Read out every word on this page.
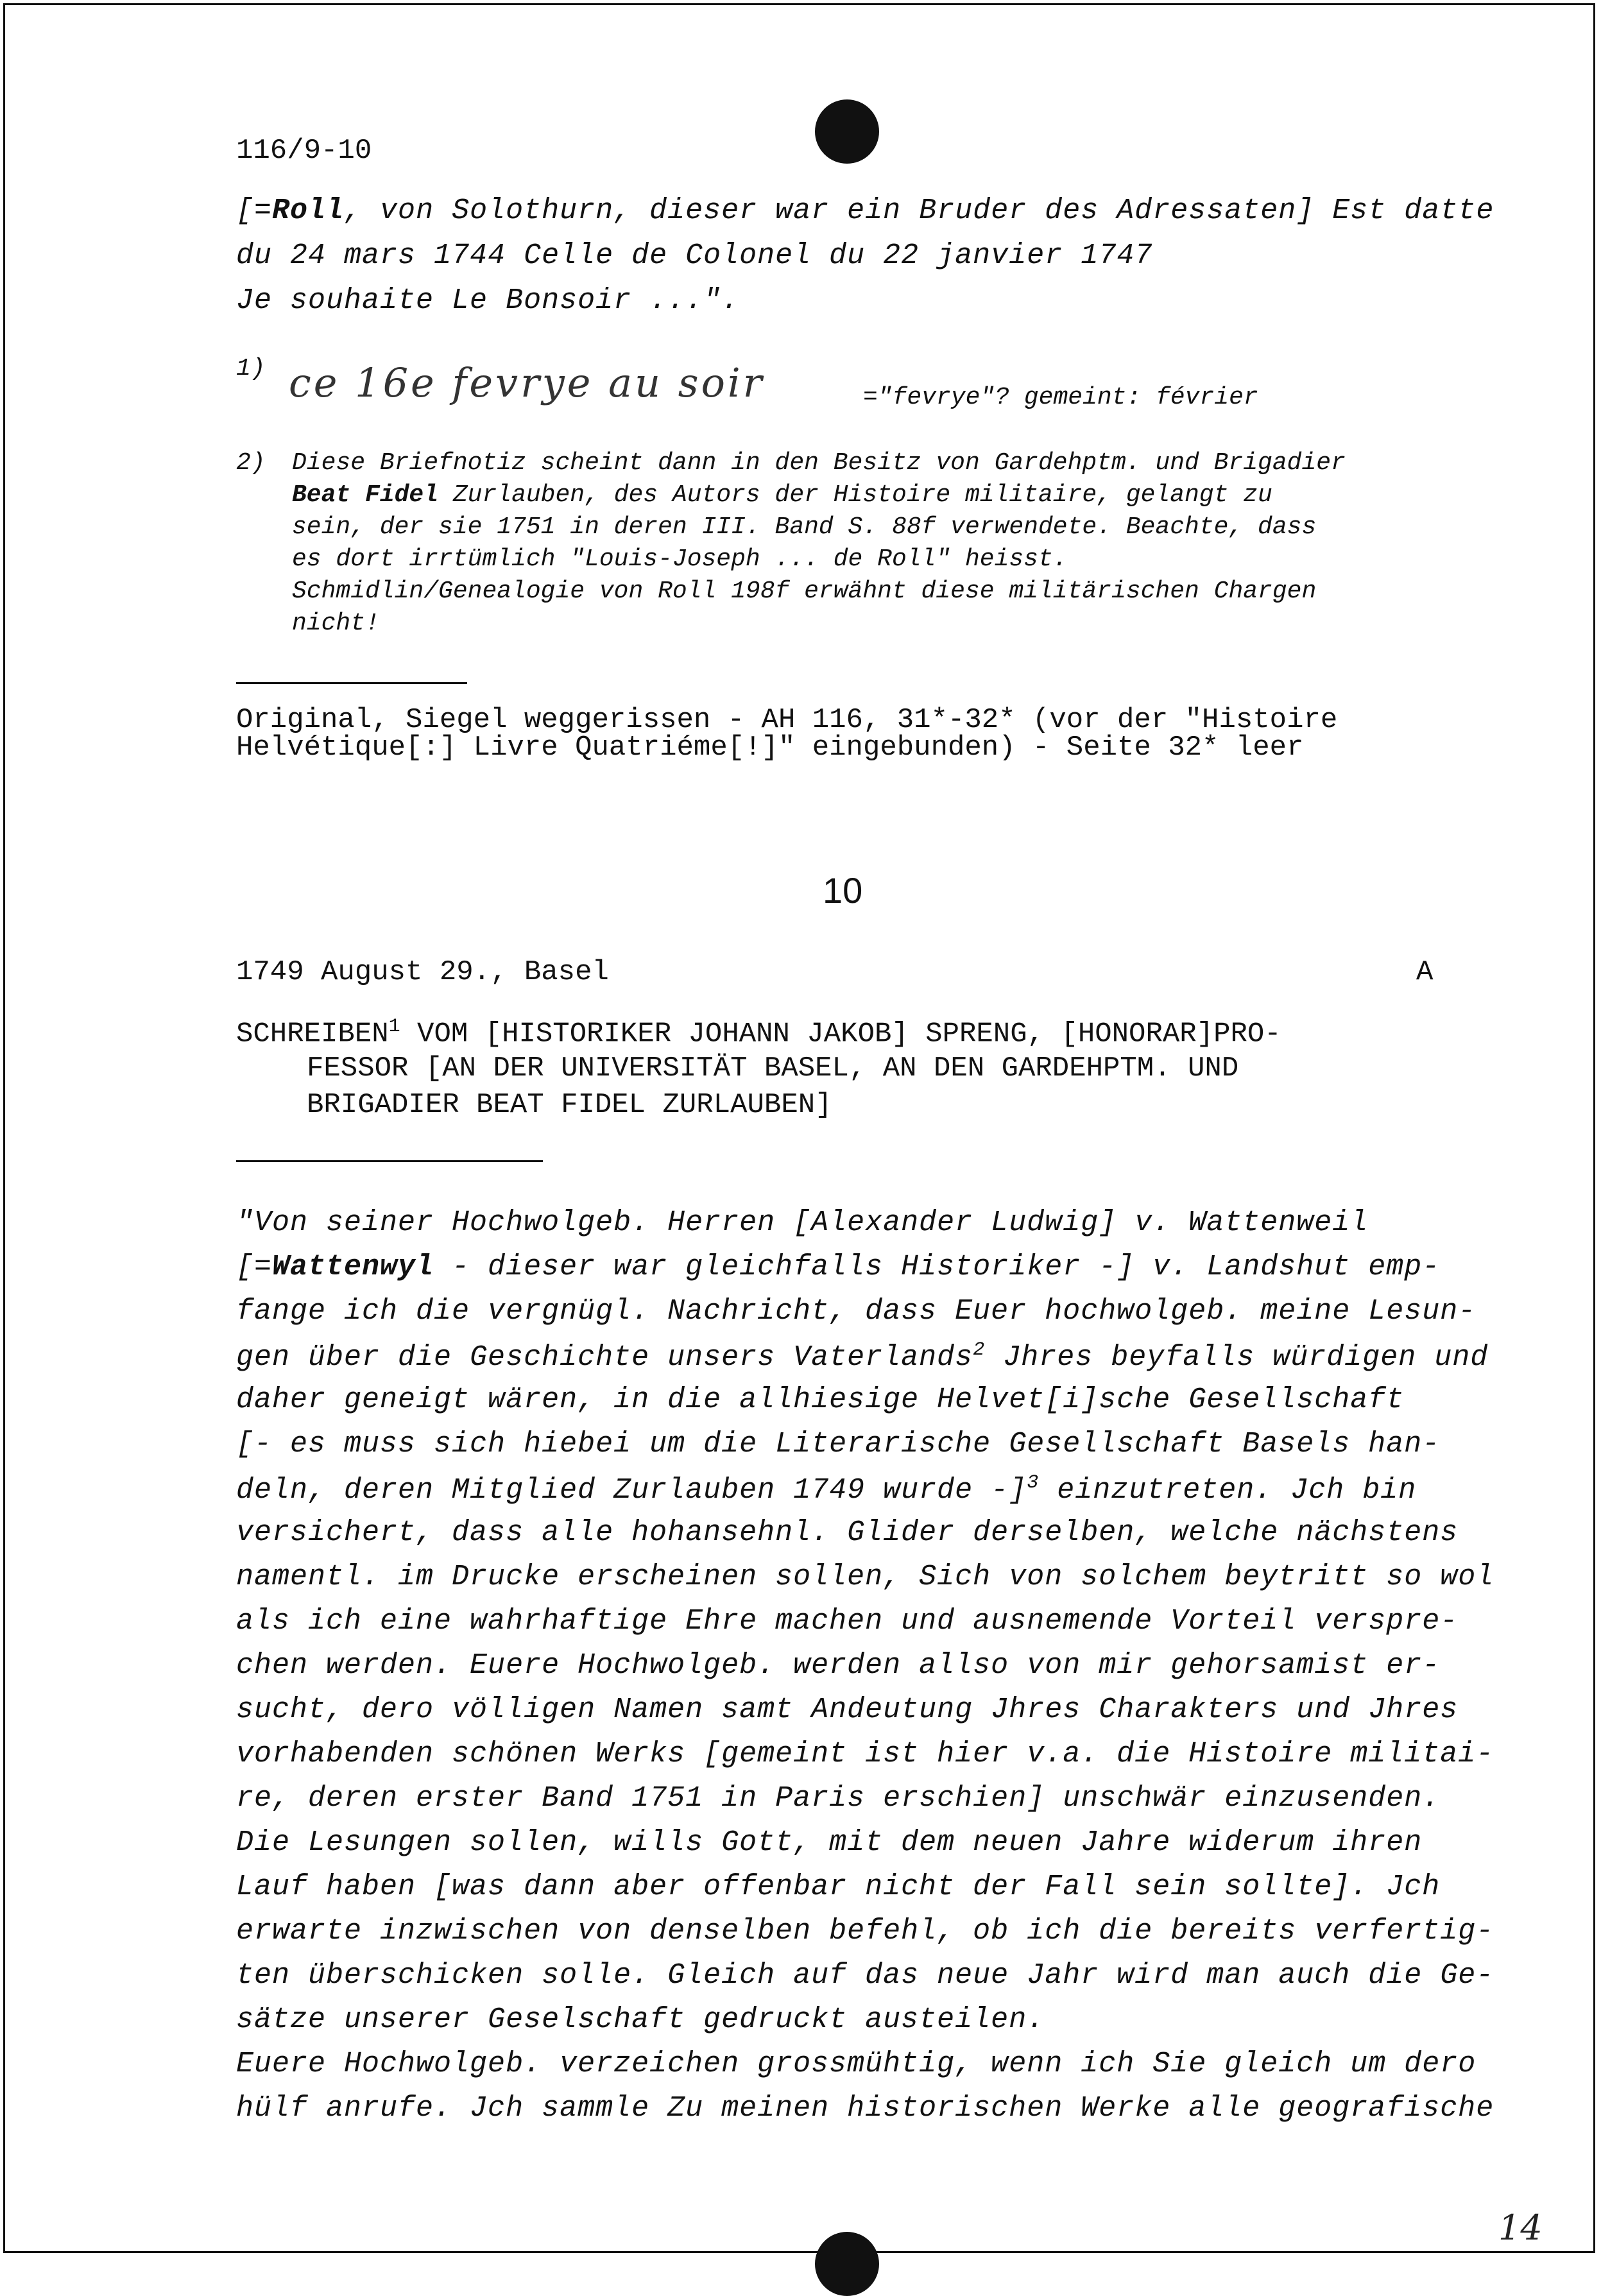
116/9-10
[=Roll, von Solothurn, dieser war ein Bruder des Adressaten] Est datte
du 24 mars 1744 Celle de Colonel du 22 janvier 1747
Je souhaite Le Bonsoir ...".
1) ce 16e fevrye au soir	="fevrye"? gemeint: février
2) Diese Briefnotiz scheint dann in den Besitz von Gardehptm. und Brigadier
Beat Fidel Zurlauben, des Autors der Histoire militaire, gelangt zu
sein, der sie 1751 in deren III. Band S. 88f verwendete. Beachte, dass
es dort irrtümlich "Louis-Joseph ... de Roll" heisst.
Schmidlin/Genealogie von Roll 198f erwähnt diese militärischen Chargen
nicht!
Original, Siegel weggerissen - AH 116, 31*-32* (vor der "Histoire
Helvétique[:] Livre Quatriéme[!]" eingebunden) - Seite 32* leer
10
1749 August 29., Basel	A
SCHREIBEN$^1$ VOM [HISTORIKER JOHANN JAKOB] SPRENG, [HONORAR]PRO-
FESSOR [AN DER UNIVERSITÄT BASEL, AN DEN GARDEHPTM. UND
BRIGADIER BEAT FIDEL ZURLAUBEN]
"Von seiner Hochwolgeb. Herren [Alexander Ludwig] v. Wattenweil
[=Wattenwyl - dieser war gleichfalls Historiker -] v. Landshut emp-
fange ich die vergnügl. Nachricht, dass Euer hochwolgeb. meine Lesun-
gen über die Geschichte unsers Vaterlands$^2$ Jhres beyfalls würdigen und
daher geneigt wären, in die allhiesige Helvet[i]sche Gesellschaft
[- es muss sich hiebei um die Literarische Gesellschaft Basels han-
deln, deren Mitglied Zurlauben 1749 wurde -]$^3$ einzutreten. Jch bin
versichert, dass alle hohansehnl. Glider derselben, welche nächstens
namentl. im Drucke erscheinen sollen, Sich von solchem beytritt so wol
als ich eine wahrhaftige Ehre machen und ausnemende Vorteil verspre-
chen werden. Euere Hochwolgeb. werden allso von mir gehorsamist er-
sucht, dero völligen Namen samt Andeutung Jhres Charakters und Jhres
vorhabenden schönen Werks [gemeint ist hier v.a. die Histoire militai-
re, deren erster Band 1751 in Paris erschien] unschwär einzusenden.
Die Lesungen sollen, wills Gott, mit dem neuen Jahre widerum ihren
Lauf haben [was dann aber offenbar nicht der Fall sein sollte]. Jch
erwarte inzwischen von denselben befehl, ob ich die bereits verfertig-
ten überschicken solle. Gleich auf das neue Jahr wird man auch die Ge-
sätze unserer Geselschaft gedruckt austeilen.
Euere Hochwolgeb. verzeichen grossmühtig, wenn ich Sie gleich um dero
hülf anrufe. Jch sammle Zu meinen historischen Werke alle geografische
14
